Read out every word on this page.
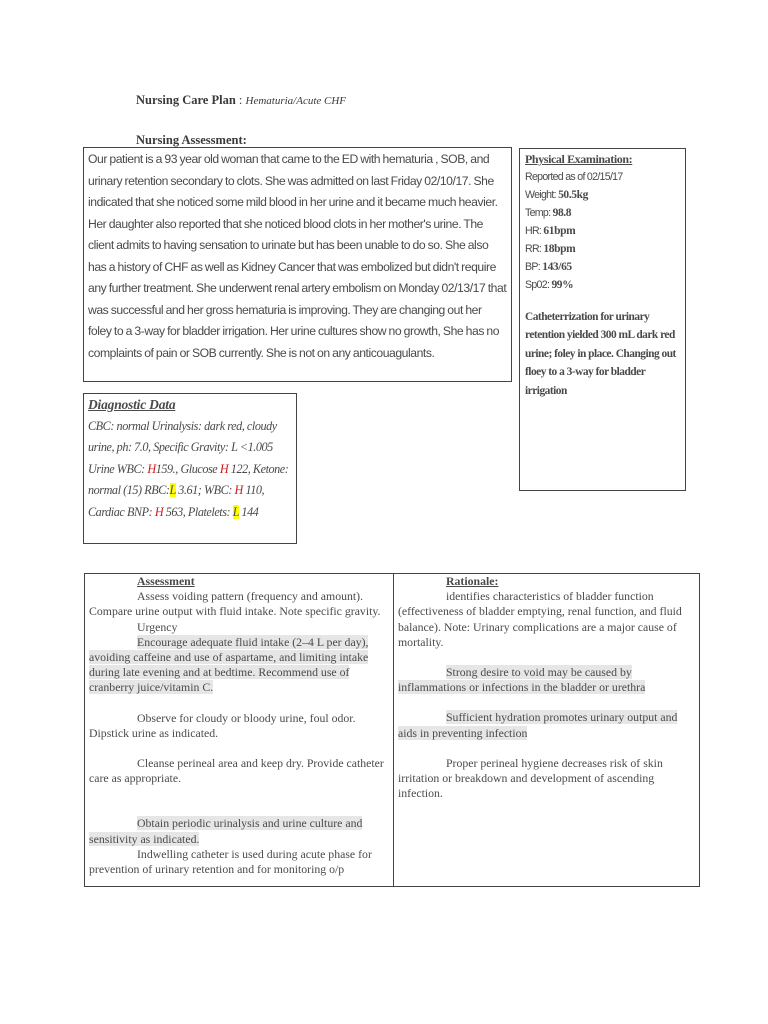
Nursing Care Plan : Hematuria/Acute CHF
Nursing Assessment:
Our patient is a 93 year old woman that came to the ED with hematuria , SOB, and urinary retention secondary to clots. She was admitted on last Friday 02/10/17. She indicated that she noticed some mild blood in her urine and it became much heavier. Her daughter also reported that she noticed blood clots in her mother's urine. The client admits to having sensation to urinate but has been unable to do so. She also has a history of CHF as well as Kidney Cancer that was embolized but didn't require any further treatment. She underwent renal artery embolism on Monday 02/13/17 that was successful and her gross hematuria is improving. They are changing out her foley to a 3-way for bladder irrigation. Her urine cultures show no growth, She has no complaints of pain or SOB currently. She is not on any anticouagulants.
Physical Examination:
Reported as of 02/15/17
Weight: 50.5kg
Temp: 98.8
HR: 61bpm
RR: 18bpm
BP: 143/65
Sp02: 99%
Catheterrization for urinary retention yielded 300 mL dark red urine; foley in place. Changing out floey to a 3-way for bladder irrigation
Diagnostic Data
CBC: normal Urinalysis: dark red, cloudy urine, ph: 7.0, Specific Gravity: L <1.005 Urine WBC: H159., Glucose H 122, Ketone: normal (15) RBC:L 3.61; WBC: H 110, Cardiac BNP: H 563, Platelets: L 144

Assessment

Assess voiding pattern (frequency and amount). Compare urine output with fluid intake. Note specific gravity.

Urgency

Encourage adequate fluid intake (2–4 L per day), avoiding caffeine and use of aspartame, and limiting intake during late evening and at bedtime. Recommend use of cranberry juice/vitamin C.

Observe for cloudy or bloody urine, foul odor. Dipstick urine as indicated.

Cleanse perineal area and keep dry. Provide catheter care as appropriate.

Obtain periodic urinalysis and urine culture and sensitivity as indicated.

Indwelling catheter is used during acute phase for prevention of urinary retention and for monitoring o/p

Rationale:

identifies characteristics of bladder function (effectiveness of bladder emptying, renal function, and fluid balance). Note: Urinary complications are a major cause of mortality.

Strong desire to void may be caused by inflammations or infections in the bladder or urethra

Sufficient hydration promotes urinary output and aids in preventing infection

Proper perineal hygiene decreases risk of skin irritation or breakdown and development of ascending infection.
